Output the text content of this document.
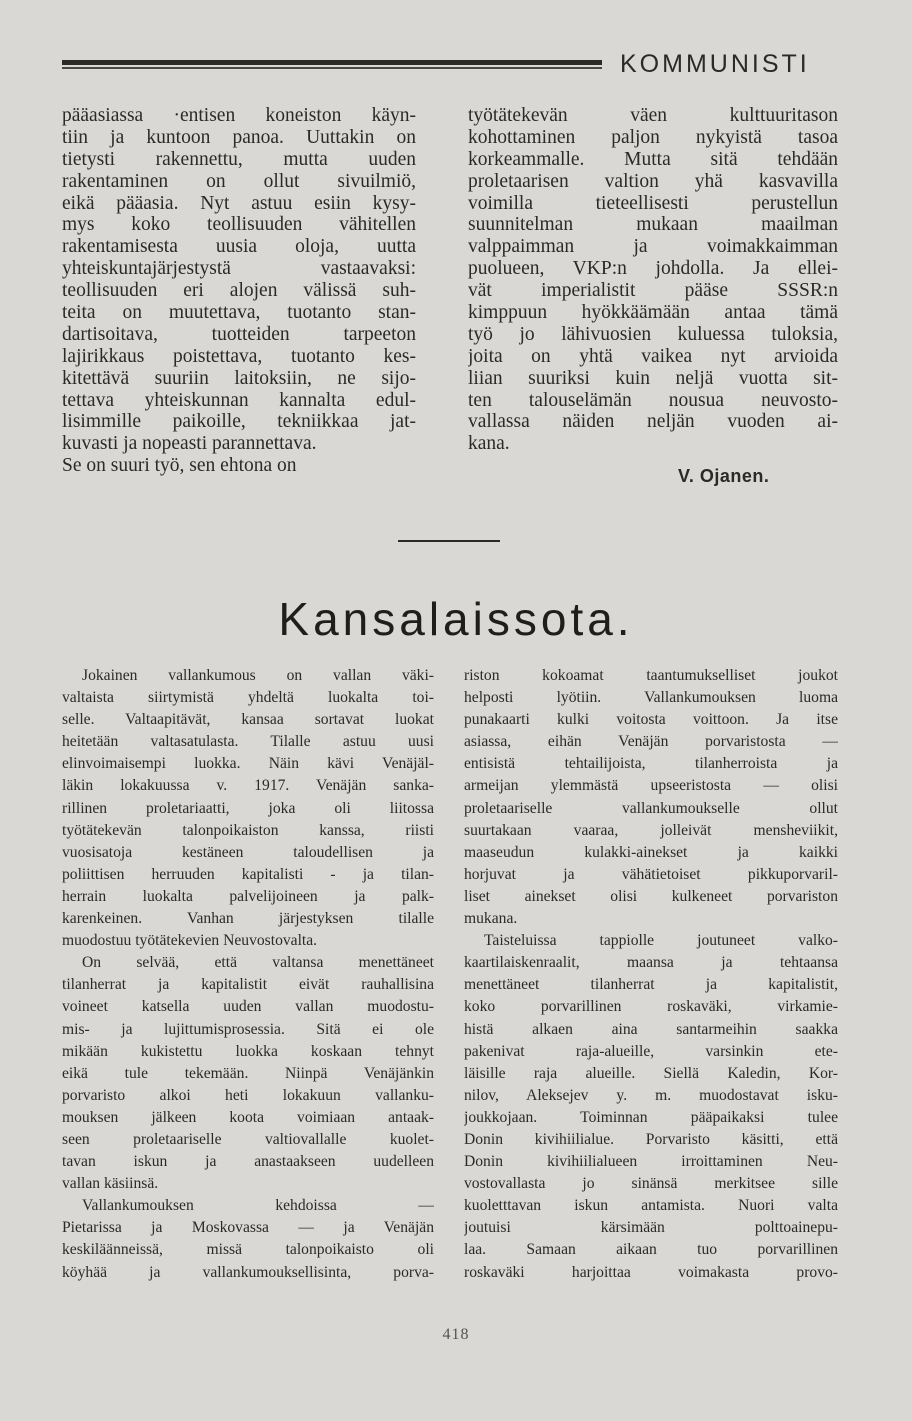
KOMMUNISTI
pääasiassa ·entisen koneiston käyn-
tiin ja kuntoon panoa. Uuttakin on
tietysti rakennettu, mutta uuden
rakentaminen on ollut sivuilmiö,
eikä pääasia. Nyt astuu esiin kysy-
mys koko teollisuuden vähitellen
rakentamisesta uusia oloja, uutta
yhteiskuntajärjestystä vastaavaksi:
teollisuuden eri alojen välissä suh-
teita on muutettava, tuotanto stan-
dartisoitava, tuotteiden tarpeeton
lajirikkaus poistettava, tuotanto kes-
kitettävä suuriin laitoksiin, ne sijo-
tettava yhteiskunnan kannalta edul-
lisimmille paikoille, tekniikkaa jat-
kuvasti ja nopeasti parannettava.
Se on suuri työ, sen ehtona on
työtätekevän väen kulttuuritason
kohottaminen paljon nykyistä tasoa
korkeammalle. Mutta sitä tehdään
proletaarisen valtion yhä kasvavilla
voimilla tieteellisesti perustellun
suunnitelman mukaan maailman
valppaimman ja voimakkaimman
puolueen, VKP:n johdolla. Ja ellei-
vät imperialistit pääse SSSR:n
kimppuun hyökkäämään antaa tämä
työ jo lähivuosien kuluessa tuloksia,
joita on yhtä vaikea nyt arvioida
liian suuriksi kuin neljä vuotta sit-
ten talouselämän nousua neuvosto-
vallassa näiden neljän vuoden ai-
kana.
V. Ojanen.
Kansalaissota.
Jokainen vallankumous on vallan väki-
valtaista siirtymistä yhdeltä luokalta toi-
selle. Valtaapitävät, kansaa sortavat luokat
heitetään valtasatulasta. Tilalle astuu uusi
elinvoimaisempi luokka. Näin kävi Venäjäl-
läkin lokakuussa v. 1917. Venäjän sanka-
rillinen proletariaatti, joka oli liitossa
työtätekevän talonpoikaiston kanssa, riisti
vuosisatoja kestäneen taloudellisen ja
poliittisen herruuden kapitalisti - ja tilan-
herrain luokalta palvelijoineen ja palk-
karenkeinen. Vanhan järjestyksen tilalle
muodostuu työtätekevien Neuvostovalta.
On selvää, että valtansa menettäneet
tilanherrat ja kapitalistit eivät rauhallisina
voineet katsella uuden vallan muodostu-
mis- ja lujittumisprosessia. Sitä ei ole
mikään kukistettu luokka koskaan tehnyt
eikä tule tekemään. Niinpä Venäjänkin
porvaristo alkoi heti lokakuun vallanku-
mouksen jälkeen koota voimiaan antaak-
seen proletaariselle valtiovallalle kuolet-
tavan iskun ja anastaakseen uudelleen
vallan käsiinsä.
Vallankumouksen kehdoissa —
Pietarissa ja Moskovassa — ja Venäjän
keskiläänneissä, missä talonpoikaisto oli
köyhää ja vallankumouksellisinta, porva-
riston kokoamat taantumukselliset joukot
helposti lyötiin. Vallankumouksen luoma
punakaarti kulki voitosta voittoon. Ja itse
asiassa, eihän Venäjän porvaristosta —
entisistä tehtailijoista, tilanherroista ja
armeijan ylemmästä upseeristosta — olisi
proletaariselle vallankumoukselle ollut
suurtakaan vaaraa, jolleivät mensheviikit,
maaseudun kulakki-ainekset ja kaikki
horjuvat ja vähätietoiset pikkuporvaril-
liset ainekset olisi kulkeneet porvariston
mukana.
Taisteluissa tappiolle joutuneet valko-
kaartilaiskenraalit, maansa ja tehtaansa
menettäneet tilanherrat ja kapitalistit,
koko porvarillinen roskaväki, virkamie-
histä alkaen aina santarmeihin saakka
pakenivat raja-alueille, varsinkin ete-
läisille raja alueille. Siellä Kaledin, Kor-
nilov, Aleksejev y. m. muodostavat isku-
joukkojaan. Toiminnan pääpaikaksi tulee
Donin kivihiilialue. Porvaristo käsitti, että
Donin kivihiilialueen irroittaminen Neu-
vostovallasta jo sinänsä merkitsee sille
kuoletttavan iskun antamista. Nuori valta
joutuisi kärsimään polttoainepu-
laa. Samaan aikaan tuo porvarillinen
roskaväki harjoittaa voimakasta provo-
418
